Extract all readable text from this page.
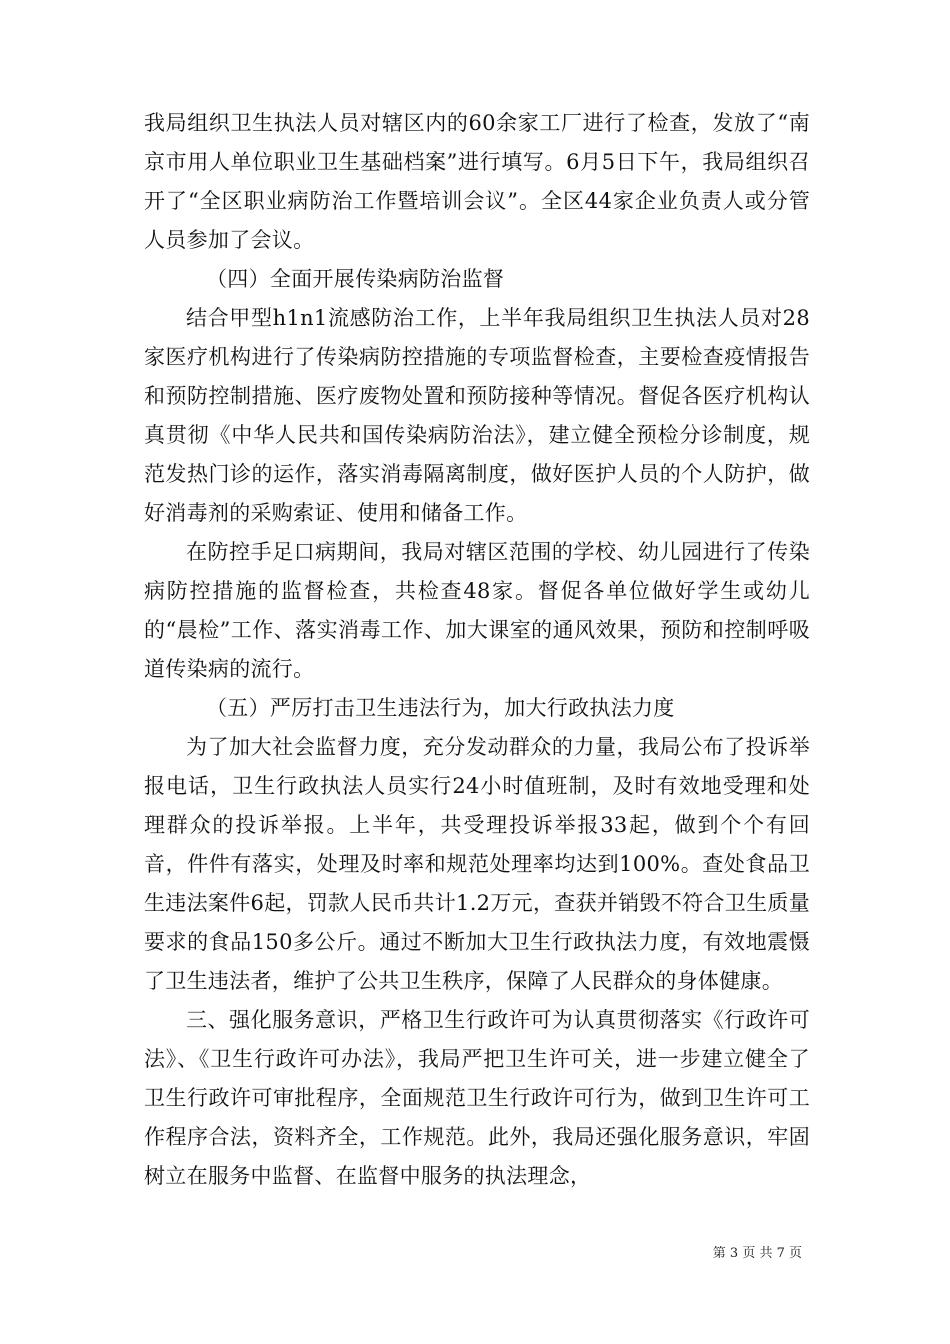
我局组织卫生执法人员对辖区内的60余家工厂进行了检查，发放了“南京市用人单位职业卫生基础档案”进行填写。6月5日下午，我局组织召开了“全区职业病防治工作暨培训会议”。全区44家企业负责人或分管人员参加了会议。

（四）全面开展传染病防治监督

结合甲型h1n1流感防治工作，上半年我局组织卫生执法人员对28家医疗机构进行了传染病防控措施的专项监督检查，主要检查疫情报告和预防控制措施、医疗废物处置和预防接种等情况。督促各医疗机构认真贯彻《中华人民共和国传染病防治法》，建立健全预检分诊制度，规范发热门诊的运作，落实消毒隔离制度，做好医护人员的个人防护，做好消毒剂的采购索证、使用和储备工作。

在防控手足口病期间，我局对辖区范围的学校、幼儿园进行了传染病防控措施的监督检查，共检查48家。督促各单位做好学生或幼儿的“晨检”工作、落实消毒工作、加大课室的通风效果，预防和控制呼吸道传染病的流行。

（五）严厉打击卫生违法行为，加大行政执法力度

为了加大社会监督力度，充分发动群众的力量，我局公布了投诉举报电话，卫生行政执法人员实行24小时值班制，及时有效地受理和处理群众的投诉举报。上半年，共受理投诉举报33起，做到个个有回音，件件有落实，处理及时率和规范处理率均达到100%。查处食品卫生违法案件6起，罚款人民币共计1.2万元，查获并销毁不符合卫生质量要求的食品150多公斤。通过不断加大卫生行政执法力度，有效地震慑了卫生违法者，维护了公共卫生秩序，保障了人民群众的身体健康。

三、强化服务意识，严格卫生行政许可为认真贯彻落实《行政许可法》、《卫生行政许可办法》，我局严把卫生许可关，进一步建立健全了卫生行政许可审批程序，全面规范卫生行政许可行为，做到卫生许可工作程序合法，资料齐全，工作规范。此外，我局还强化服务意识，牢固树立在服务中监督、在监督中服务的执法理念，

第 3 页 共 7 页
